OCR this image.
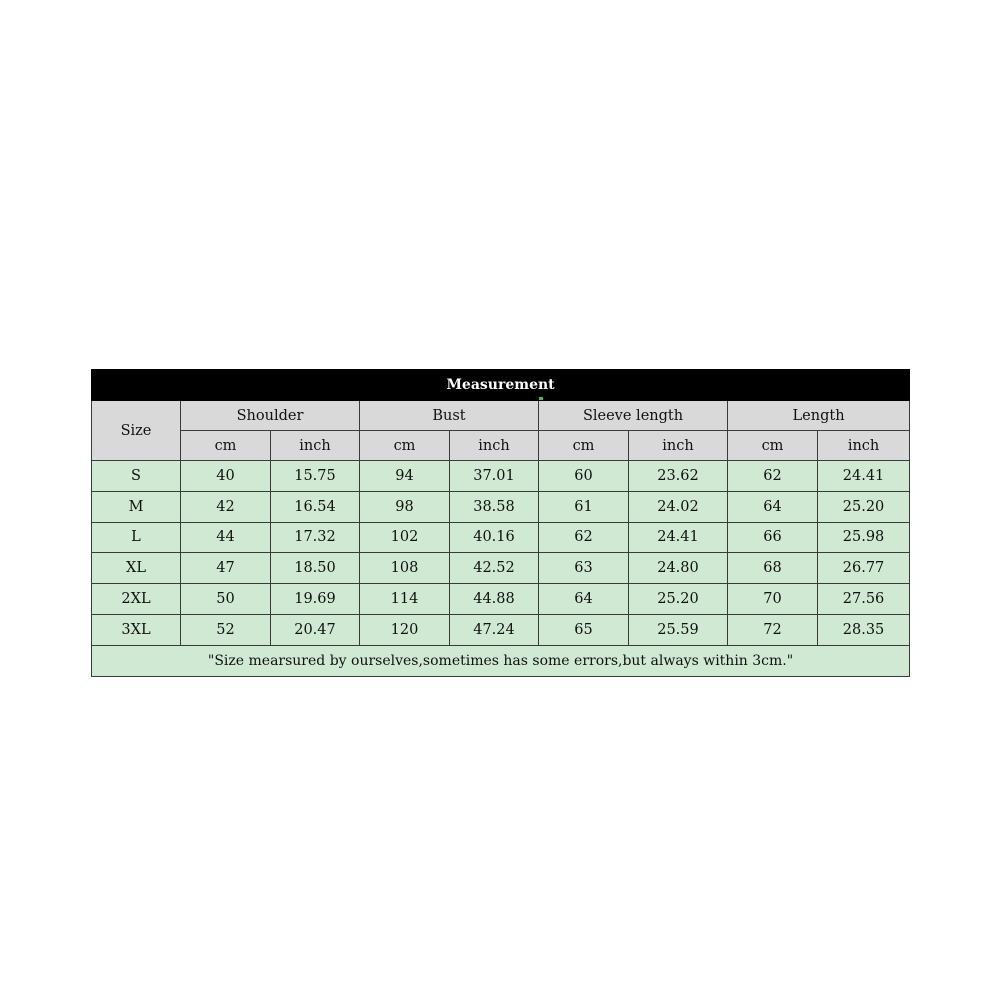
Measurement								
Size	Shoulder		Bust		Sleeve length		Length	
	cm	inch	cm	inch	cm	inch	cm	inch
S	40	15.75	94	37.01	60	23.62	62	24.41
M	42	16.54	98	38.58	61	24.02	64	25.20
L	44	17.32	102	40.16	62	24.41	66	25.98
XL	47	18.50	108	42.52	63	24.80	68	26.77
2XL	50	19.69	114	44.88	64	25.20	70	27.56
3XL	52	20.47	120	47.24	65	25.59	72	28.35
"Size mearsured by ourselves,sometimes has some errors,but always within 3cm."								
